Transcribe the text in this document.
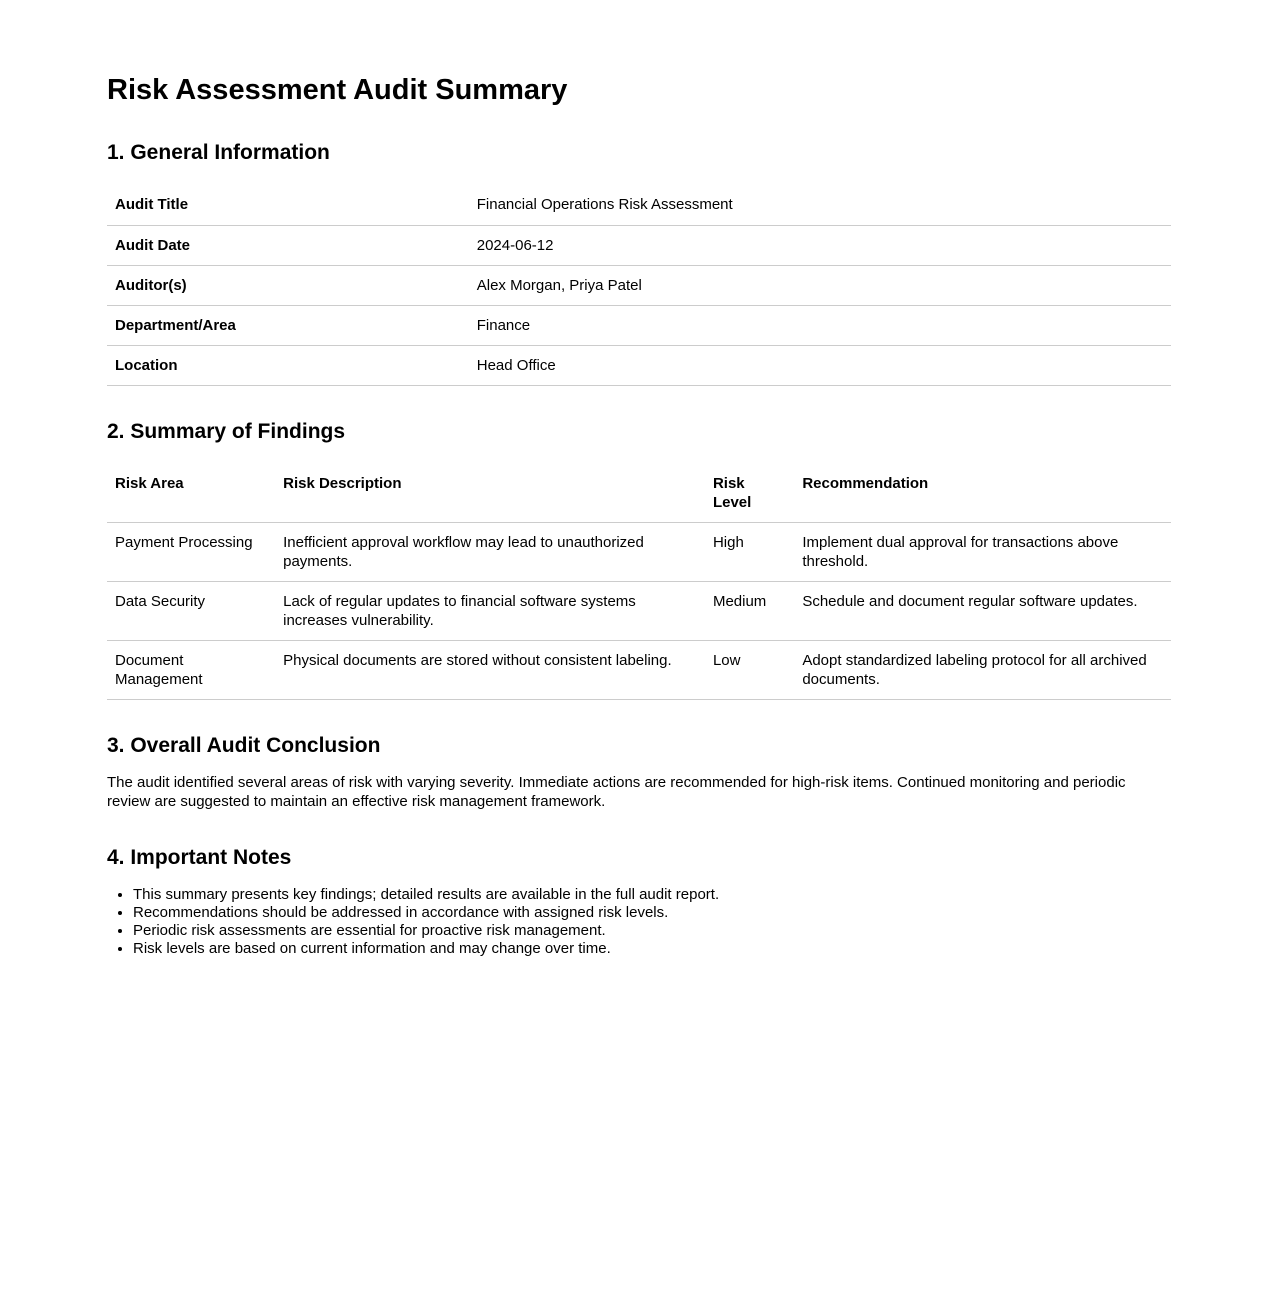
Risk Assessment Audit Summary
1. General Information
Audit Title	Financial Operations Risk Assessment
Audit Date	2024-06-12
Auditor(s)	Alex Morgan, Priya Patel
Department/Area	Finance
Location	Head Office
2. Summary of Findings
Risk Area	Risk Description	Risk Level	Recommendation
Payment Processing	Inefficient approval workflow may lead to unauthorized payments.	High	Implement dual approval for transactions above threshold.
Data Security	Lack of regular updates to financial software systems increases vulnerability.	Medium	Schedule and document regular software updates.
Document Management	Physical documents are stored without consistent labeling.	Low	Adopt standardized labeling protocol for all archived documents.
3. Overall Audit Conclusion

The audit identified several areas of risk with varying severity. Immediate actions are recommended for high-risk items. Continued monitoring and periodic review are suggested to maintain an effective risk management framework.

4. Important Notes
• This summary presents key findings; detailed results are available in the full audit report.
• Recommendations should be addressed in accordance with assigned risk levels.
• Periodic risk assessments are essential for proactive risk management.
• Risk levels are based on current information and may change over time.
